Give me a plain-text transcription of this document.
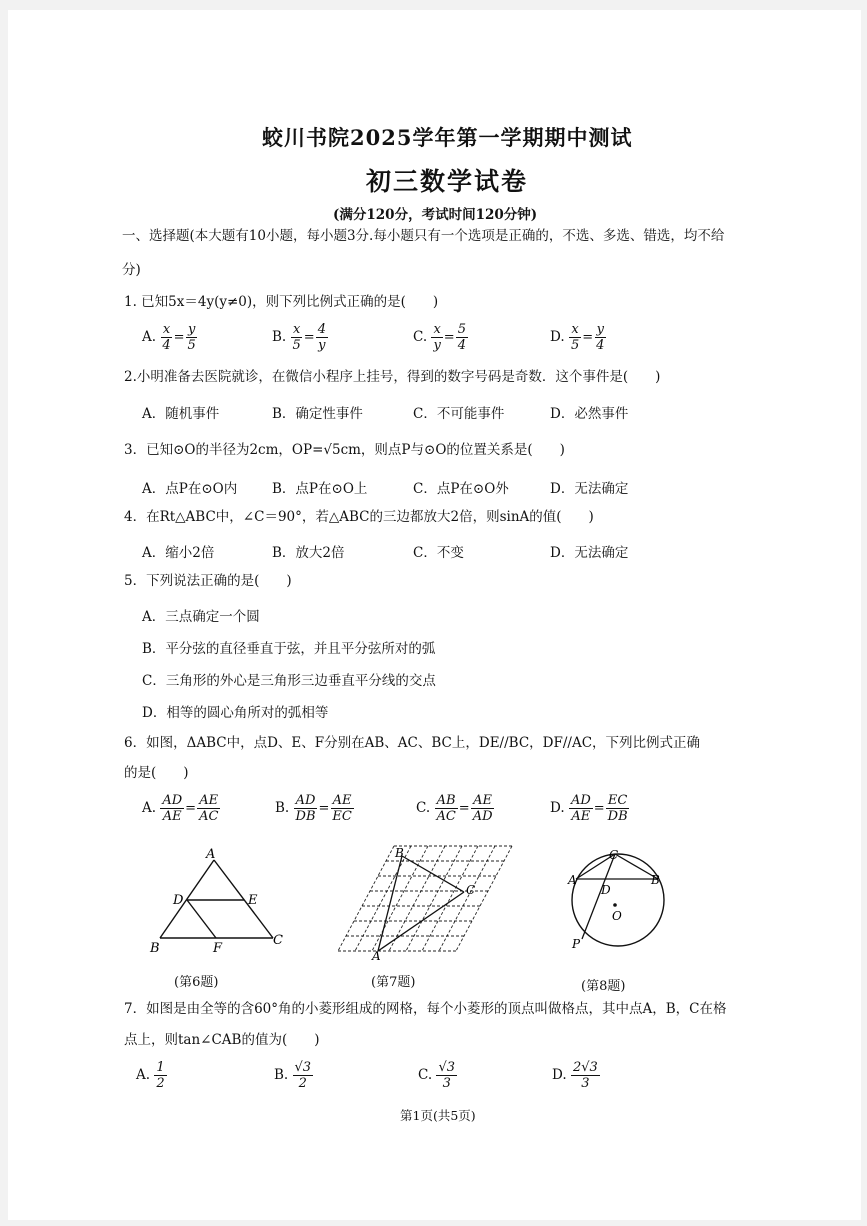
蛟川书院2025学年第一学期期中测试
初三数学试卷
(满分120分，考试时间120分钟)
一、选择题(本大题有10小题，每小题3分.每小题只有一个选项是正确的，不选、多选、错选，均不给
分)
1. 已知5x＝4y(y≠0)，则下列比例式正确的是(　　)
A. $\frac{x}{4} = \frac{y}{5}$	B. $\frac{x}{5} = \frac{4}{y}$	C. $\frac{x}{y} = \frac{5}{4}$	D. $\frac{x}{5} = \frac{y}{4}$
2.小明准备去医院就诊，在微信小程序上挂号，得到的数字号码是奇数．这个事件是(　　)
A．随机事件	B．确定性事件	C．不可能事件	D．必然事件
3．已知⊙O的半径为2cm，OP=√5cm，则点P与⊙O的位置关系是(　　)
A．点P在⊙O内	B．点P在⊙O上	C．点P在⊙O外	D．无法确定
4．在Rt△ABC中，∠C＝90°，若△ABC的三边都放大2倍，则sinA的值(　　)
A．缩小2倍	B．放大2倍	C．不变	D．无法确定
5．下列说法正确的是(　　)
A．三点确定一个圆
B．平分弦的直径垂直于弦，并且平分弦所对的弧
C．三角形的外心是三角形三边垂直平分线的交点
D．相等的圆心角所对的弧相等
6．如图，ΔABC中，点D、E、F分别在AB、AC、BC上，DE//BC，DF//AC，下列比例式正确
的是(　　)
A. $\frac{AD}{AE} = \frac{AE}{AC}$	B. $\frac{AD}{DB} = \frac{AE}{EC}$	C. $\frac{AB}{AC} = \frac{AE}{AD}$	D. $\frac{AD}{AE} = \frac{EC}{DB}$
A
B
C
D	E
F
(第6题)
A
B
C
(第7题)
A	B
C
D
O
P
(第8题)
7．如图是由全等的含60°角的小菱形组成的网格，每个小菱形的顶点叫做格点，其中点A，B，C在格
点上，则tan∠CAB的值为(　　)
A. $\frac{1}{2}$	B. $\frac{√3}{2}$	C. $\frac{√3}{3}$	D. $\frac{2√3}{3}$
第1页(共5页)
